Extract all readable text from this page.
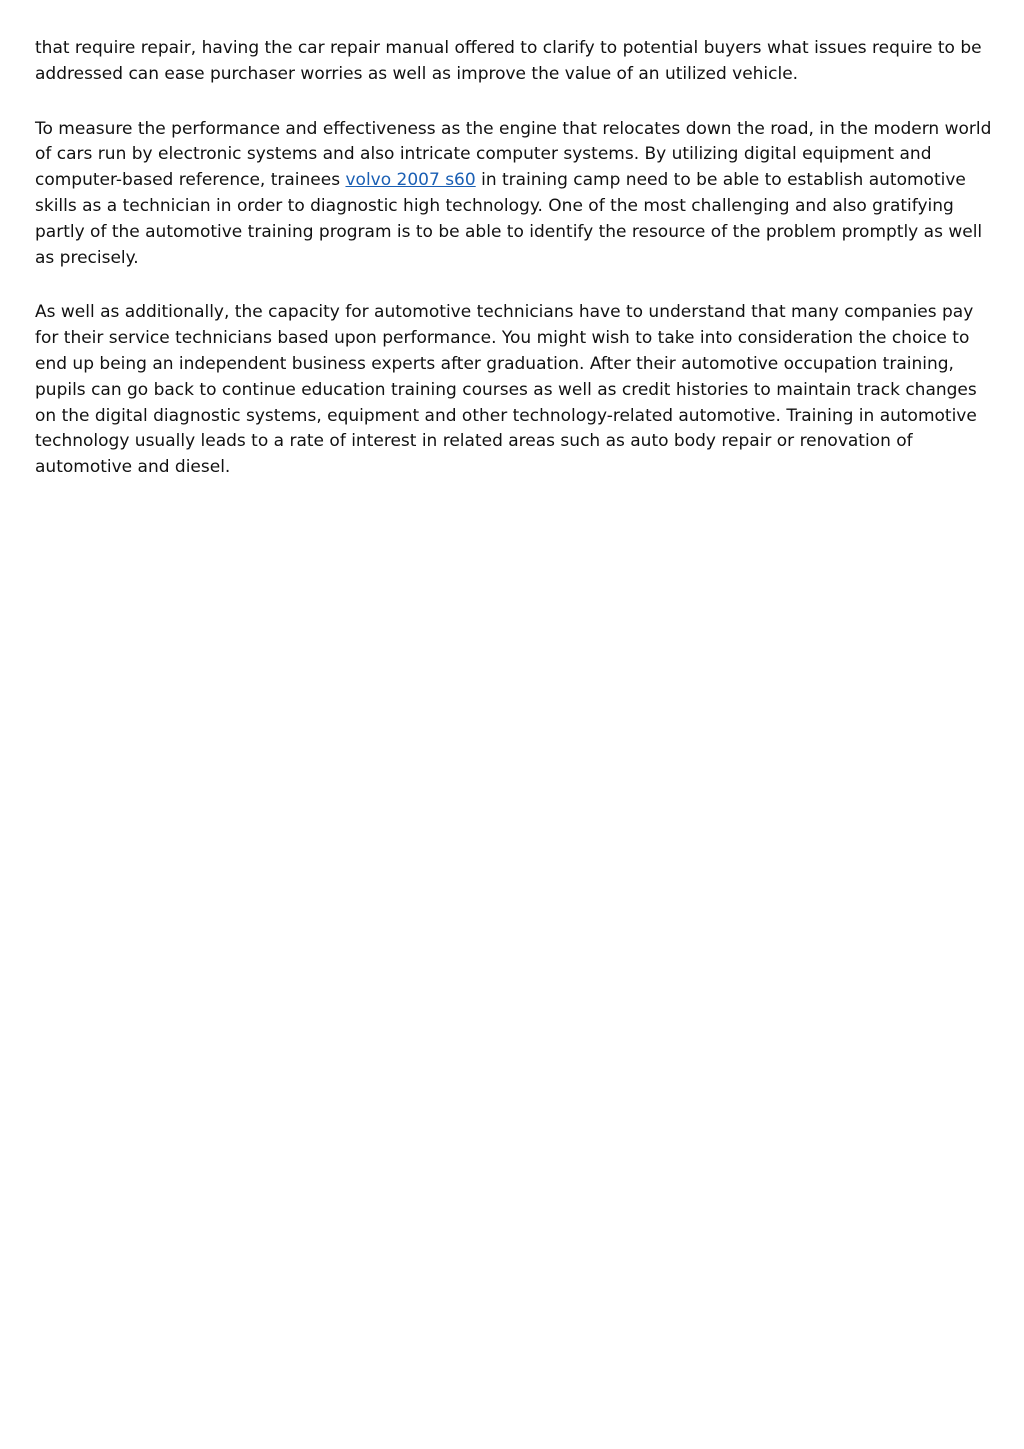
that require repair, having the car repair manual offered to clarify to potential buyers what issues require to be addressed can ease purchaser worries as well as improve the value of an utilized vehicle.

To measure the performance and effectiveness as the engine that relocates down the road, in the modern world of cars run by electronic systems and also intricate computer systems. By utilizing digital equipment and computer-based reference, trainees volvo 2007 s60 in training camp need to be able to establish automotive skills as a technician in order to diagnostic high technology. One of the most challenging and also gratifying partly of the automotive training program is to be able to identify the resource of the problem promptly as well as precisely.

As well as additionally, the capacity for automotive technicians have to understand that many companies pay for their service technicians based upon performance. You might wish to take into consideration the choice to end up being an independent business experts after graduation. After their automotive occupation training, pupils can go back to continue education training courses as well as credit histories to maintain track changes on the digital diagnostic systems, equipment and other technology-related automotive. Training in automotive technology usually leads to a rate of interest in related areas such as auto body repair or renovation of automotive and diesel.
